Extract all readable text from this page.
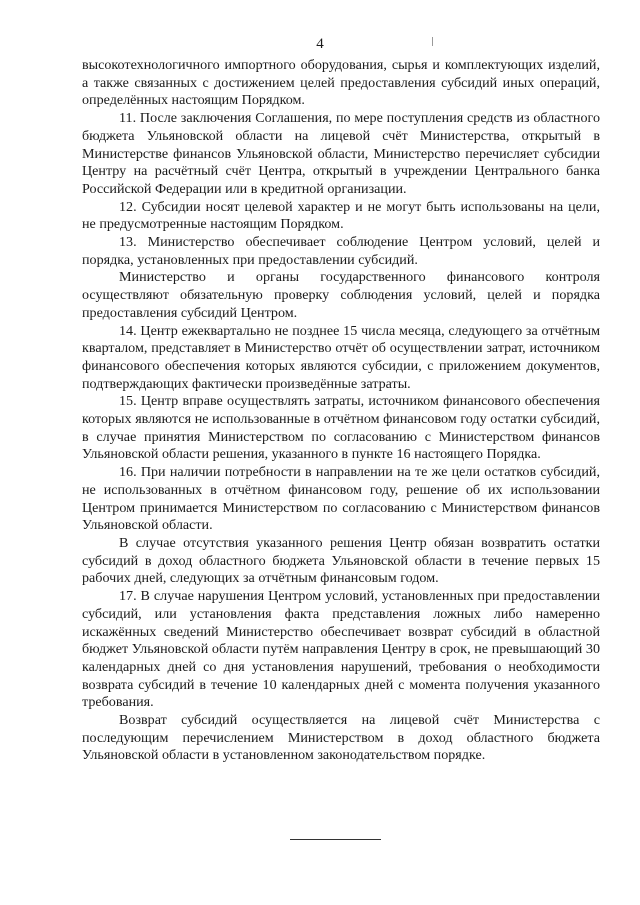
4

высокотехнологичного импортного оборудования, сырья и комплектующих изделий, а также связанных с достижением целей предоставления субсидий иных операций, определённых настоящим Порядком.

11. После заключения Соглашения, по мере поступления средств из областного бюджета Ульяновской области на лицевой счёт Министерства, открытый в Министерстве финансов Ульяновской области, Министерство перечисляет субсидии Центру на расчётный счёт Центра, открытый в учреждении Центрального банка Российской Федерации или в кредитной организации.

12. Субсидии носят целевой характер и не могут быть использованы на цели, не предусмотренные настоящим Порядком.

13. Министерство обеспечивает соблюдение Центром условий, целей и порядка, установленных при предоставлении субсидий.

Министерство и органы государственного финансового контроля осуществляют обязательную проверку соблюдения условий, целей и порядка предоставления субсидий Центром.

14. Центр ежеквартально не позднее 15 числа месяца, следующего за отчётным кварталом, представляет в Министерство отчёт об осуществлении затрат, источником финансового обеспечения которых являются субсидии, с приложением документов, подтверждающих фактически произведённые затраты.

15. Центр вправе осуществлять затраты, источником финансового обеспечения которых являются не использованные в отчётном финансовом году остатки субсидий, в случае принятия Министерством по согласованию с Министерством финансов Ульяновской области решения, указанного в пункте 16 настоящего Порядка.

16. При наличии потребности в направлении на те же цели остатков субсидий, не использованных в отчётном финансовом году, решение об их использовании Центром принимается Министерством по согласованию с Министерством финансов Ульяновской области.

В случае отсутствия указанного решения Центр обязан возвратить остатки субсидий в доход областного бюджета Ульяновской области в течение первых 15 рабочих дней, следующих за отчётным финансовым годом.

17. В случае нарушения Центром условий, установленных при предоставлении субсидий, или установления факта представления ложных либо намеренно искажённых сведений Министерство обеспечивает возврат субсидий в областной бюджет Ульяновской области путём направления Центру в срок, не превышающий 30 календарных дней со дня установления нарушений, требования о необходимости возврата субсидий в течение 10 календарных дней с момента получения указанного требования.

Возврат субсидий осуществляется на лицевой счёт Министерства с последующим перечислением Министерством в доход областного бюджета Ульяновской области в установленном законодательством порядке.
